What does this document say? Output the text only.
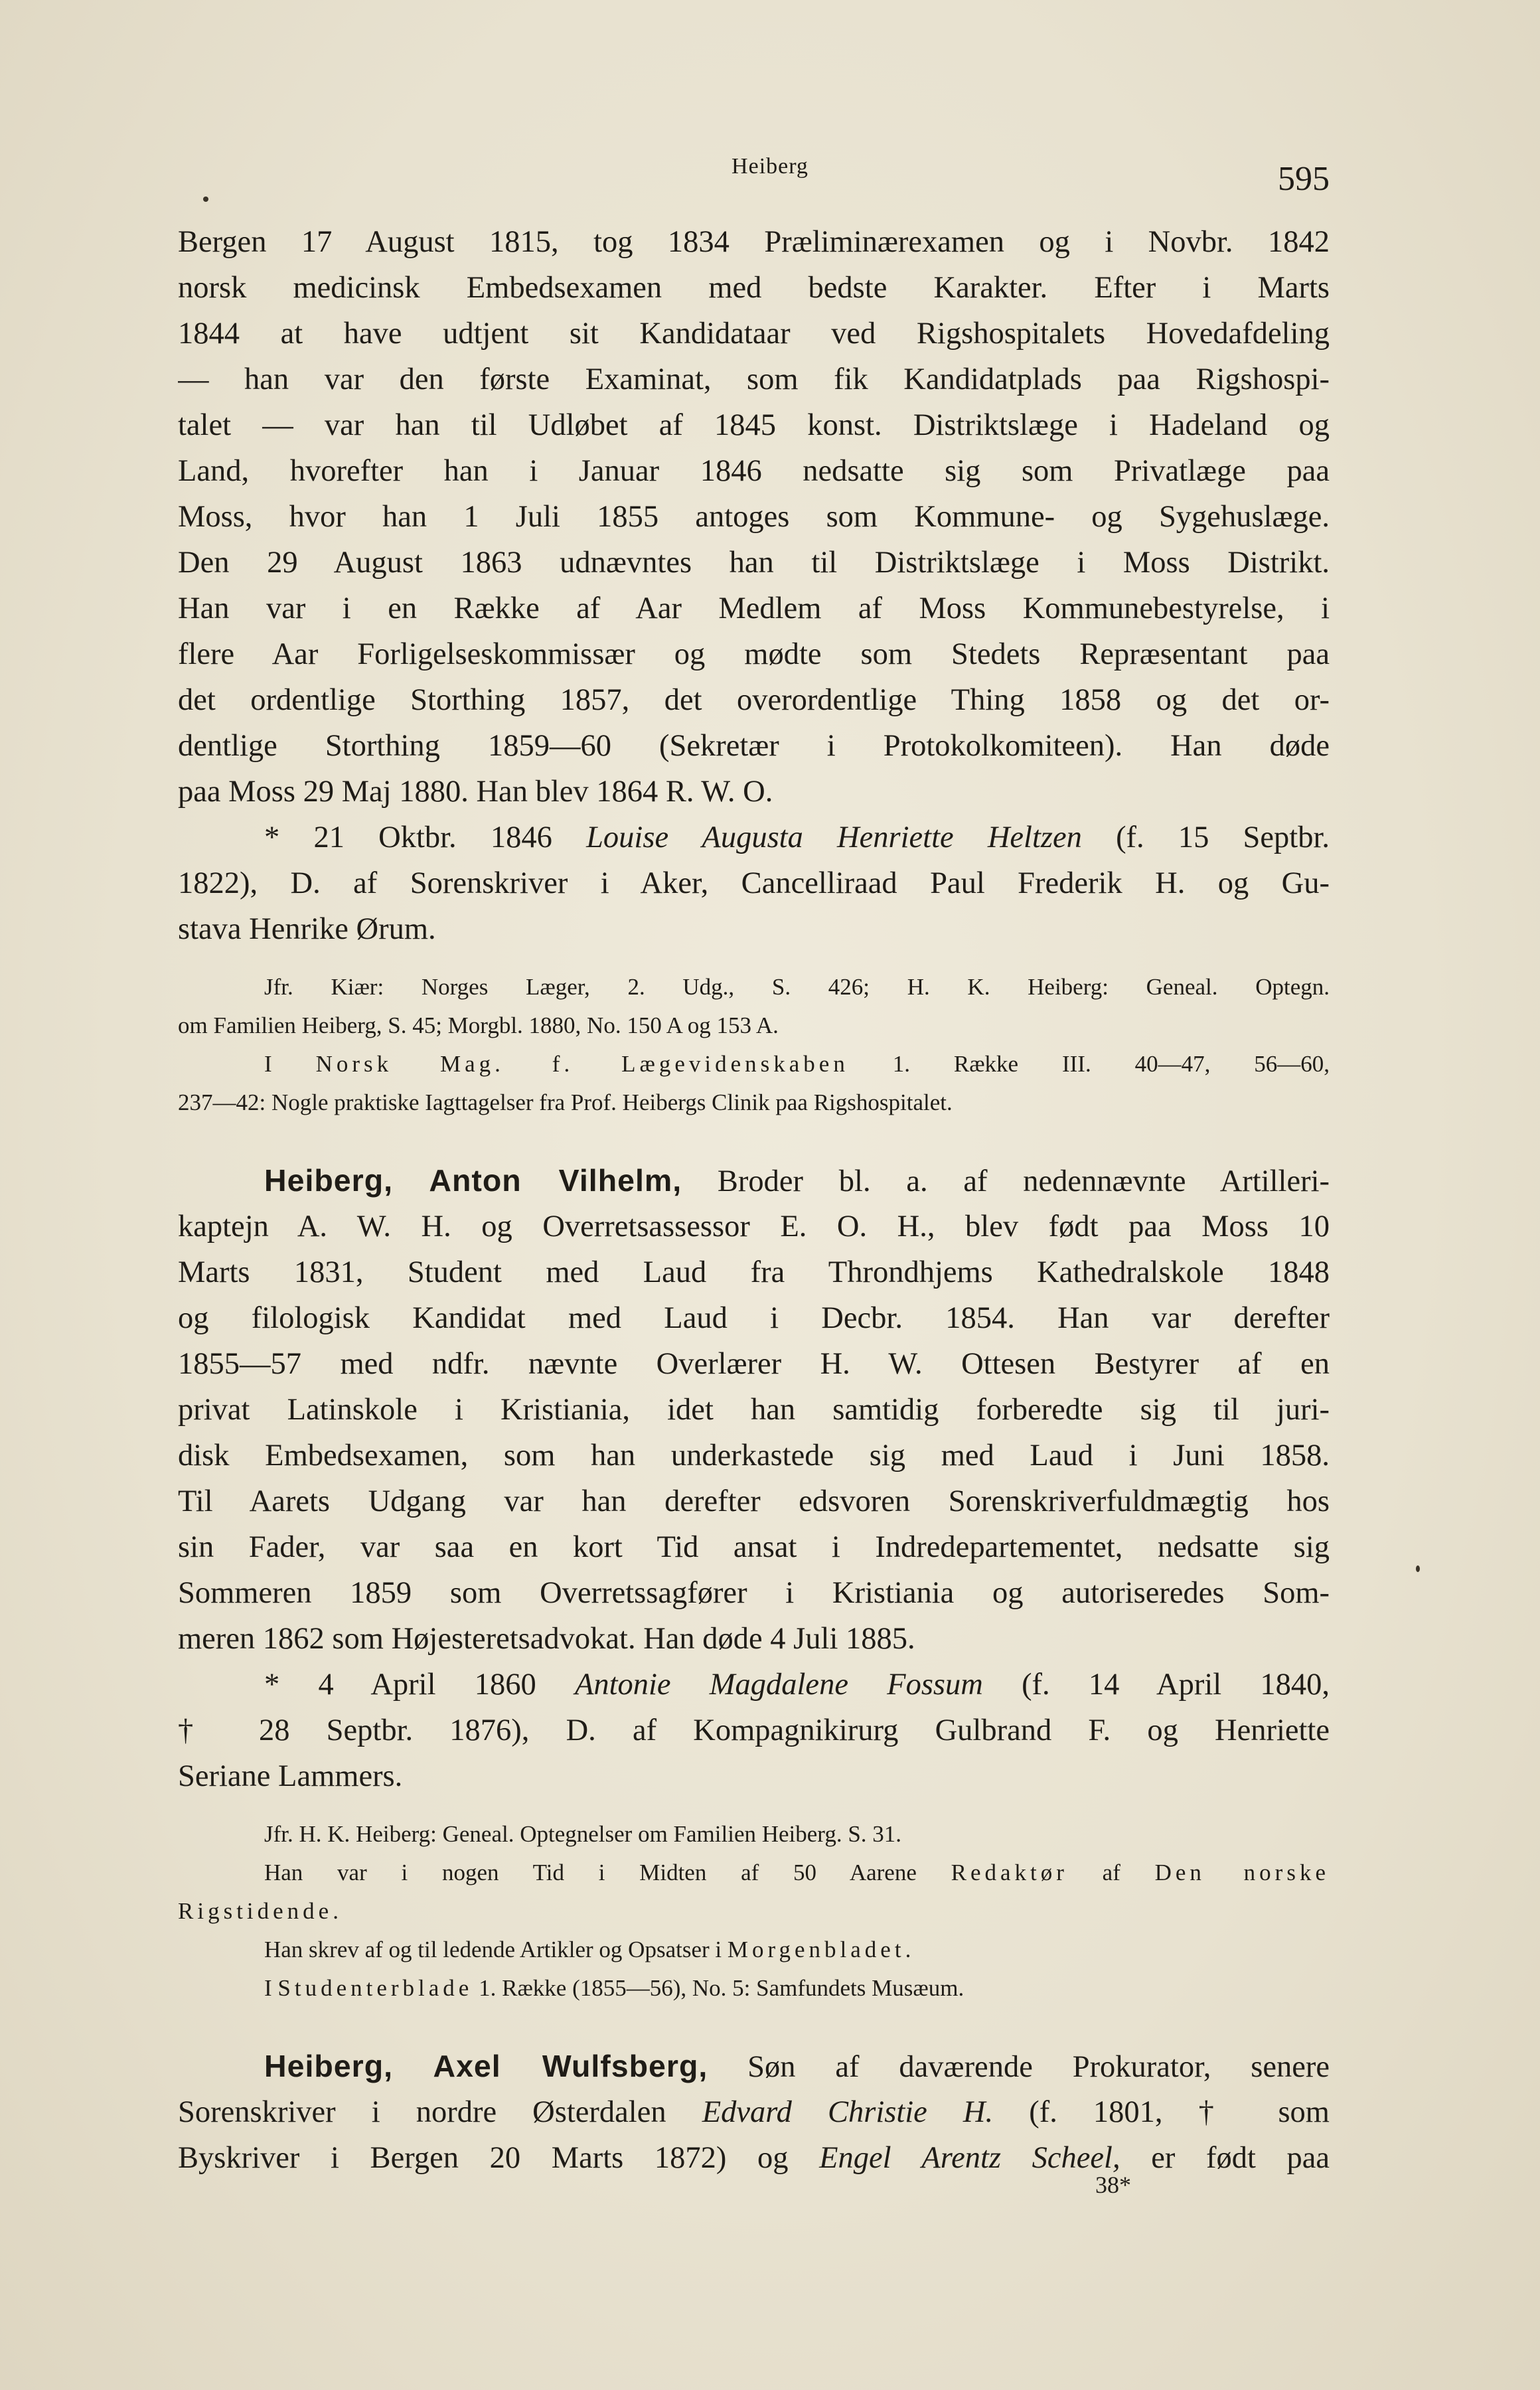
Heiberg	595
Bergen 17 August 1815, tog 1834 Præliminærexamen og i Novbr. 1842
norsk medicinsk Embedsexamen med bedste Karakter. Efter i Marts
1844 at have udtjent sit Kandidataar ved Rigshospitalets Hovedafdeling
— han var den første Examinat, som fik Kandidatplads paa Rigshospi-
talet — var han til Udløbet af 1845 konst. Distriktslæge i Hadeland og
Land, hvorefter han i Januar 1846 nedsatte sig som Privatlæge paa
Moss, hvor han 1 Juli 1855 antoges som Kommune- og Sygehuslæge.
Den 29 August 1863 udnævntes han til Distriktslæge i Moss Distrikt.
Han var i en Række af Aar Medlem af Moss Kommunebestyrelse, i
flere Aar Forligelseskommissær og mødte som Stedets Repræsentant paa
det ordentlige Storthing 1857, det overordentlige Thing 1858 og det or-
dentlige Storthing 1859—60 (Sekretær i Protokolkomiteen). Han døde
paa Moss 29 Maj 1880. Han blev 1864 R. W. O.
* 21 Oktbr. 1846 Louise Augusta Henriette Heltzen (f. 15 Septbr.
1822), D. af Sorenskriver i Aker, Cancelliraad Paul Frederik H. og Gu-
stava Henrike Ørum.
Jfr. Kiær: Norges Læger, 2. Udg., S. 426; H. K. Heiberg: Geneal. Optegn.
om Familien Heiberg, S. 45; Morgbl. 1880, No. 150 A og 153 A.
I Norsk Mag. f. Lægevidenskaben 1. Række III. 40—47, 56—60,
237—42: Nogle praktiske Iagttagelser fra Prof. Heibergs Clinik paa Rigshospitalet.
Heiberg, Anton Vilhelm, Broder bl. a. af nedennævnte Artilleri-
kaptejn A. W. H. og Overretsassessor E. O. H., blev født paa Moss 10
Marts 1831, Student med Laud fra Throndhjems Kathedralskole 1848
og filologisk Kandidat med Laud i Decbr. 1854. Han var derefter
1855—57 med ndfr. nævnte Overlærer H. W. Ottesen Bestyrer af en
privat Latinskole i Kristiania, idet han samtidig forberedte sig til juri-
disk Embedsexamen, som han underkastede sig med Laud i Juni 1858.
Til Aarets Udgang var han derefter edsvoren Sorenskriverfuldmægtig hos
sin Fader, var saa en kort Tid ansat i Indredepartementet, nedsatte sig
Sommeren 1859 som Overretssagfører i Kristiania og autoriseredes Som-
meren 1862 som Højesteretsadvokat. Han døde 4 Juli 1885.
* 4 April 1860 Antonie Magdalene Fossum (f. 14 April 1840,
† 28 Septbr. 1876), D. af Kompagnikirurg Gulbrand F. og Henriette
Seriane Lammers.
Jfr. H. K. Heiberg: Geneal. Optegnelser om Familien Heiberg. S. 31.
Han var i nogen Tid i Midten af 50 Aarene Redaktør af Den norske
Rigstidende.
Han skrev af og til ledende Artikler og Opsatser i Morgenbladet.
I Studenterblade 1. Række (1855—56), No. 5: Samfundets Musæum.
Heiberg, Axel Wulfsberg, Søn af daværende Prokurator, senere
Sorenskriver i nordre Østerdalen Edvard Christie H. (f. 1801, † som
Byskriver i Bergen 20 Marts 1872) og Engel Arentz Scheel, er født paa
38*
